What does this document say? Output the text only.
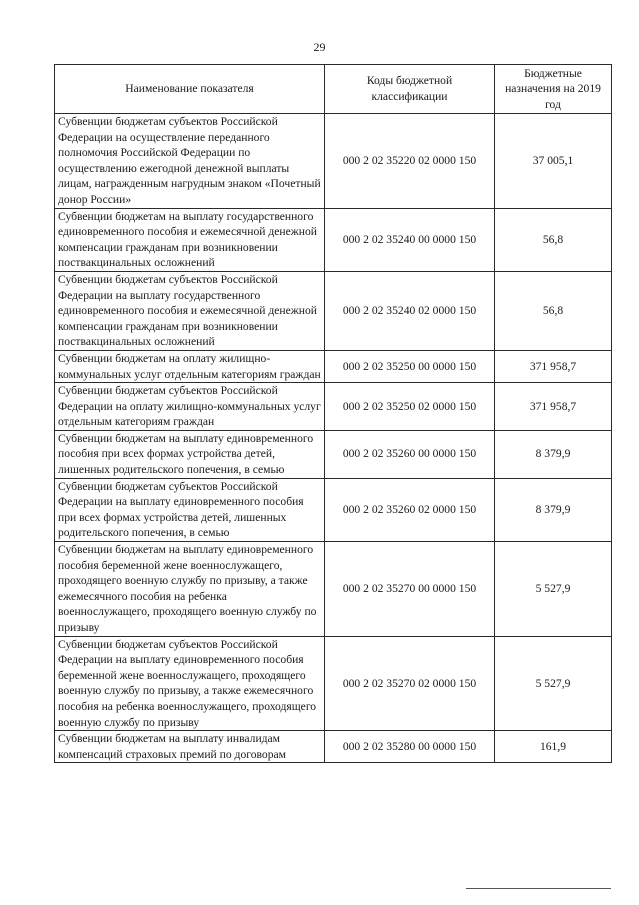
29
Наименование показателя	Коды бюджетной классификации	Бюджетные назначения на 2019 год
Субвенции бюджетам субъектов Российской Федерации на осуществление переданного полномочия Российской Федерации по осуществлению ежегодной денежной выплаты лицам, награжденным нагрудным знаком «Почетный донор России»	000 2 02 35220 02 0000 150	37 005,1
Субвенции бюджетам на выплату государственного единовременного пособия и ежемесячной денежной компенсации гражданам при возникновении поствакцинальных осложнений	000 2 02 35240 00 0000 150	56,8
Субвенции бюджетам субъектов Российской Федерации на выплату государственного единовременного пособия и ежемесячной денежной компенсации гражданам при возникновении поствакцинальных осложнений	000 2 02 35240 02 0000 150	56,8
Субвенции бюджетам на оплату жилищно-коммунальных услуг отдельным категориям граждан	000 2 02 35250 00 0000 150	371 958,7
Субвенции бюджетам субъектов Российской Федерации на оплату жилищно-коммунальных услуг отдельным категориям граждан	000 2 02 35250 02 0000 150	371 958,7
Субвенции бюджетам на выплату единовременного пособия при всех формах устройства детей, лишенных родительского попечения, в семью	000 2 02 35260 00 0000 150	8 379,9
Субвенции бюджетам субъектов Российской Федерации на выплату единовременного пособия при всех формах устройства детей, лишенных родительского попечения, в семью	000 2 02 35260 02 0000 150	8 379,9
Субвенции бюджетам на выплату единовременного пособия беременной жене военнослужащего, проходящего военную службу по призыву, а также ежемесячного пособия на ребенка военнослужащего, проходящего военную службу по призыву	000 2 02 35270 00 0000 150	5 527,9
Субвенции бюджетам субъектов Российской Федерации на выплату единовременного пособия беременной жене военнослужащего, проходящего военную службу по призыву, а также ежемесячного пособия на ребенка военнослужащего, проходящего военную службу по призыву	000 2 02 35270 02 0000 150	5 527,9
Субвенции бюджетам на выплату инвалидам компенсаций страховых премий по договорам	000 2 02 35280 00 0000 150	161,9
